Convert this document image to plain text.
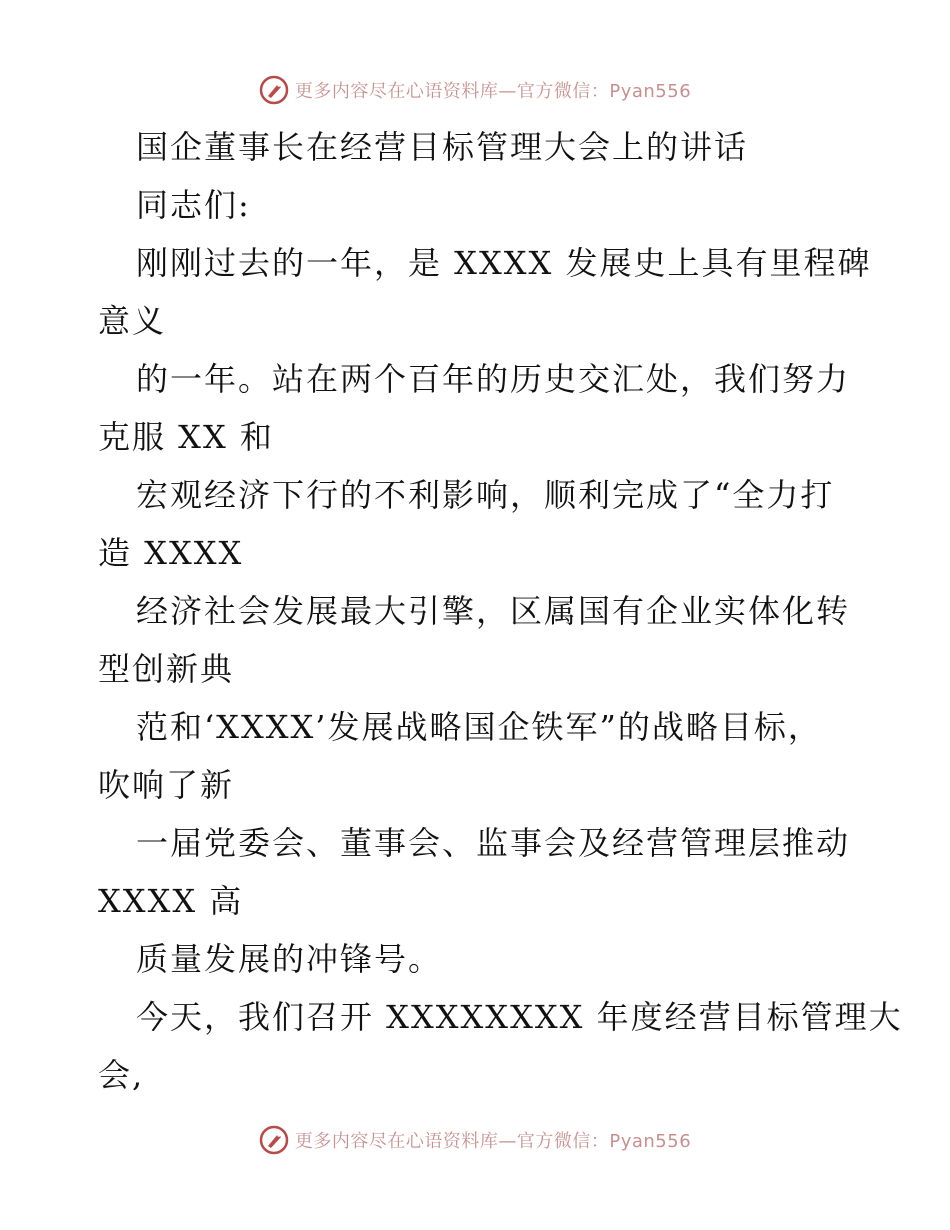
更多内容尽在心语资料库—官方微信：Pyan556
国企董事长在经营目标管理大会上的讲话
同志们:
刚刚过去的一年，是 XXXX 发展史上具有里程碑
意义
的一年。站在两个百年的历史交汇处，我们努力
克服 XX 和
宏观经济下行的不利影响，顺利完成了“全力打
造 XXXX
经济社会发展最大引擎，区属国有企业实体化转
型创新典
范和‘XXXX’发展战略国企铁军”的战略目标，
吹响了新
一届党委会、董事会、监事会及经营管理层推动
XXXX 高
质量发展的冲锋号。
今天，我们召开 XXXXXXXX 年度经营目标管理大
会,
更多内容尽在心语资料库—官方微信：Pyan556
